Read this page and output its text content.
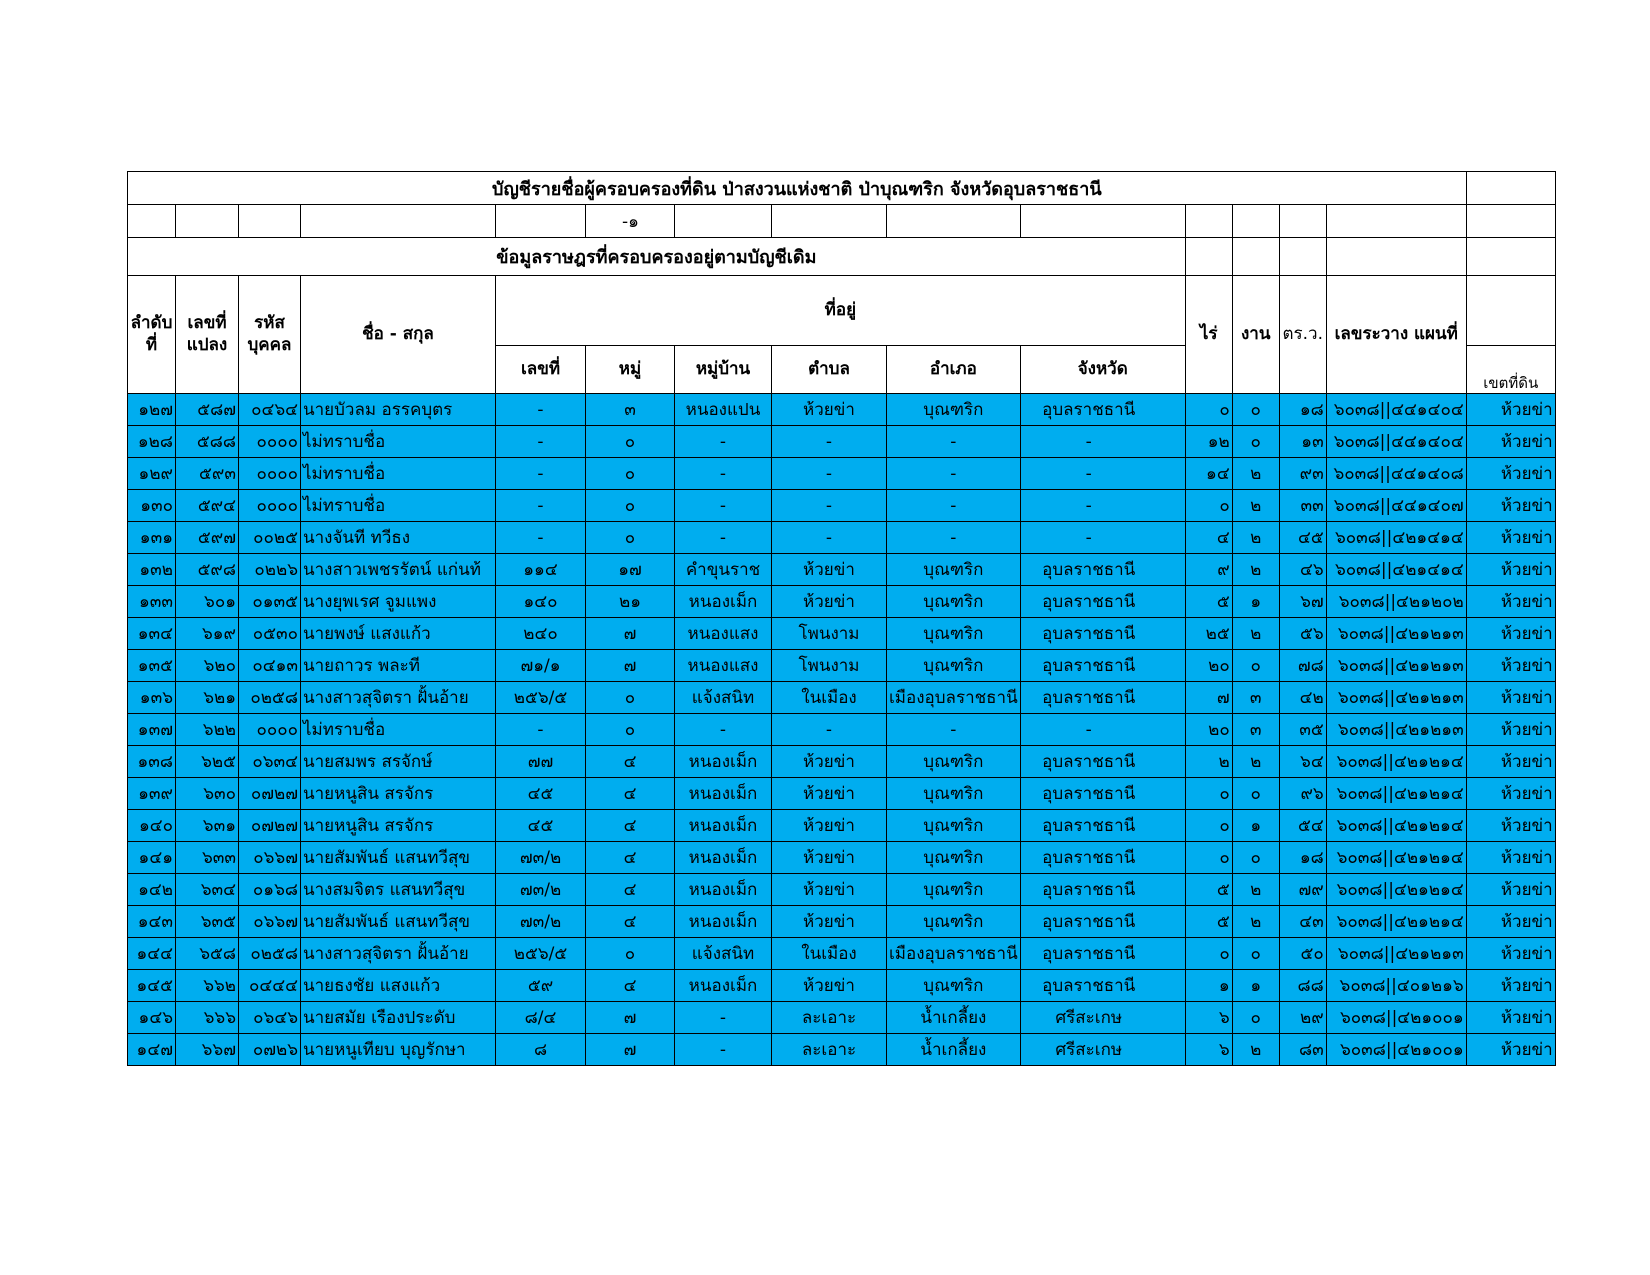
บัญชีรายชื่อผู้ครอบครองที่ดิน ป่าสงวนแห่งชาติ ป่าบุณฑริก จังหวัดอุบลราชธานี														
					-๑									
ข้อมูลราษฎรที่ครอบครองอยู่ตามบัญชีเดิม														
ลำดับที่	เลขที่แปลง	รหัสบุคคล	ชื่อ - สกุล	ที่อยู่						ไร่	งาน	ตร.ว.	เลขระวาง แผนที่	
				เลขที่	หมู่	หมู่บ้าน	ตำบล	อำเภอ	จังหวัด					เขตที่ดิน
๑๒๗	๕๘๗	๐๔๖๔	นายบัวลม อรรคบุตร	-	๓	หนองแปน	ห้วยข่า	บุณฑริก	อุบลราชธานี	๐	๐	๑๘	๖๐๓๘||๔๔๑๔๐๔	ห้วยข่า
๑๒๘	๕๘๘	๐๐๐๐	ไม่ทราบชื่อ	-	๐	-	-	-	-	๑๒	๐	๑๓	๖๐๓๘||๔๔๑๔๐๔	ห้วยข่า
๑๒๙	๕๙๓	๐๐๐๐	ไม่ทราบชื่อ	-	๐	-	-	-	-	๑๔	๒	๙๓	๖๐๓๘||๔๔๑๔๐๘	ห้วยข่า
๑๓๐	๕๙๔	๐๐๐๐	ไม่ทราบชื่อ	-	๐	-	-	-	-	๐	๒	๓๓	๖๐๓๘||๔๔๑๔๐๗	ห้วยข่า
๑๓๑	๕๙๗	๐๐๒๕	นางจันที ทวีธง	-	๐	-	-	-	-	๔	๒	๔๕	๖๐๓๘||๔๒๑๔๑๔	ห้วยข่า
๑๓๒	๕๙๘	๐๒๒๖	นางสาวเพชรรัตน์ แก่นท้	๑๑๔	๑๗	คำขุนราช	ห้วยข่า	บุณฑริก	อุบลราชธานี	๙	๒	๔๖	๖๐๓๘||๔๒๑๔๑๔	ห้วยข่า
๑๓๓	๖๐๑	๐๑๓๕	นางยุพเรศ จูมแพง	๑๔๐	๒๑	หนองเม็ก	ห้วยข่า	บุณฑริก	อุบลราชธานี	๕	๑	๖๗	๖๐๓๘||๔๒๑๒๐๒	ห้วยข่า
๑๓๔	๖๑๙	๐๕๓๐	นายพงษ์ แสงแก้ว	๒๔๐	๗	หนองแสง	โพนงาม	บุณฑริก	อุบลราชธานี	๒๕	๒	๕๖	๖๐๓๘||๔๒๑๒๑๓	ห้วยข่า
๑๓๕	๖๒๐	๐๔๑๓	นายถาวร พละที	๗๑/๑	๗	หนองแสง	โพนงาม	บุณฑริก	อุบลราชธานี	๒๐	๐	๗๘	๖๐๓๘||๔๒๑๒๑๓	ห้วยข่า
๑๓๖	๖๒๑	๐๒๕๘	นางสาวสุจิตรา ฝั้นอ้าย	๒๕๖/๕	๐	แจ้งสนิท	ในเมือง	เมืองอุบลราชธานี	อุบลราชธานี	๗	๓	๔๒	๖๐๓๘||๔๒๑๒๑๓	ห้วยข่า
๑๓๗	๖๒๒	๐๐๐๐	ไม่ทราบชื่อ	-	๐	-	-	-	-	๒๐	๓	๓๕	๖๐๓๘||๔๒๑๒๑๓	ห้วยข่า
๑๓๘	๖๒๕	๐๖๓๔	นายสมพร สรจักษ์	๗๗	๔	หนองเม็ก	ห้วยข่า	บุณฑริก	อุบลราชธานี	๒	๒	๖๔	๖๐๓๘||๔๒๑๒๑๔	ห้วยข่า
๑๓๙	๖๓๐	๐๗๒๗	นายหนูสิน สรจักร	๔๕	๔	หนองเม็ก	ห้วยข่า	บุณฑริก	อุบลราชธานี	๐	๐	๙๖	๖๐๓๘||๔๒๑๒๑๔	ห้วยข่า
๑๔๐	๖๓๑	๐๗๒๗	นายหนูสิน สรจักร	๔๕	๔	หนองเม็ก	ห้วยข่า	บุณฑริก	อุบลราชธานี	๐	๑	๕๔	๖๐๓๘||๔๒๑๒๑๔	ห้วยข่า
๑๔๑	๖๓๓	๐๖๖๗	นายสัมพันธ์ แสนทวีสุข	๗๓/๒	๔	หนองเม็ก	ห้วยข่า	บุณฑริก	อุบลราชธานี	๐	๐	๑๘	๖๐๓๘||๔๒๑๒๑๔	ห้วยข่า
๑๔๒	๖๓๔	๐๑๖๘	นางสมจิตร แสนทวีสุข	๗๓/๒	๔	หนองเม็ก	ห้วยข่า	บุณฑริก	อุบลราชธานี	๕	๒	๗๙	๖๐๓๘||๔๒๑๒๑๔	ห้วยข่า
๑๔๓	๖๓๕	๐๖๖๗	นายสัมพันธ์ แสนทวีสุข	๗๓/๒	๔	หนองเม็ก	ห้วยข่า	บุณฑริก	อุบลราชธานี	๕	๒	๔๓	๖๐๓๘||๔๒๑๒๑๔	ห้วยข่า
๑๔๔	๖๕๘	๐๒๕๘	นางสาวสุจิตรา ฝั้นอ้าย	๒๕๖/๕	๐	แจ้งสนิท	ในเมือง	เมืองอุบลราชธานี	อุบลราชธานี	๐	๐	๕๐	๖๐๓๘||๔๒๑๒๑๓	ห้วยข่า
๑๔๕	๖๖๒	๐๔๔๔	นายธงชัย แสงแก้ว	๕๙	๔	หนองเม็ก	ห้วยข่า	บุณฑริก	อุบลราชธานี	๑	๑	๘๘	๖๐๓๘||๔๐๑๒๑๖	ห้วยข่า
๑๔๖	๖๖๖	๐๖๔๖	นายสมัย เรืองประดับ	๘/๔	๗	-	ละเอาะ	น้ำเกลี้ยง	ศรีสะเกษ	๖	๐	๒๙	๖๐๓๘||๔๒๑๐๐๑	ห้วยข่า
๑๔๗	๖๖๗	๐๗๒๖	นายหนูเทียบ บุญรักษา	๘	๗	-	ละเอาะ	น้ำเกลี้ยง	ศรีสะเกษ	๖	๒	๘๓	๖๐๓๘||๔๒๑๐๐๑	ห้วยข่า
